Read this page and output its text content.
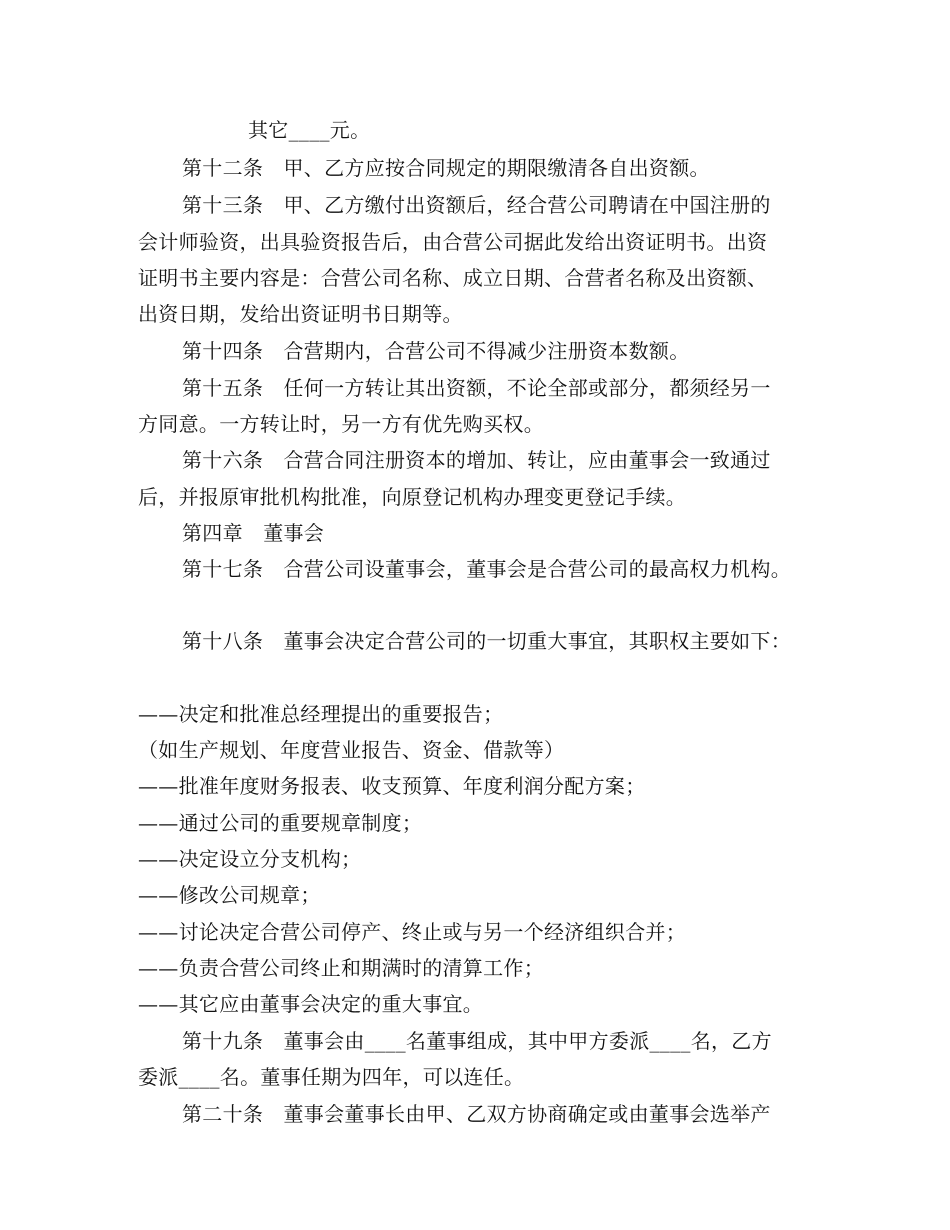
其它____元。
第十二条　甲、乙方应按合同规定的期限缴清各自出资额。
第十三条　甲、乙方缴付出资额后，经合营公司聘请在中国注册的
会计师验资，出具验资报告后，由合营公司据此发给出资证明书。出资
证明书主要内容是：合营公司名称、成立日期、合营者名称及出资额、
出资日期，发给出资证明书日期等。
第十四条　合营期内，合营公司不得减少注册资本数额。
第十五条　任何一方转让其出资额，不论全部或部分，都须经另一
方同意。一方转让时，另一方有优先购买权。
第十六条　合营合同注册资本的增加、转让，应由董事会一致通过
后，并报原审批机构批准，向原登记机构办理变更登记手续。
第四章　董事会
第十七条　合营公司设董事会，董事会是合营公司的最高权力机构。
第十八条　董事会决定合营公司的一切重大事宜，其职权主要如下：
——决定和批准总经理提出的重要报告；
（如生产规划、年度营业报告、资金、借款等）
——批准年度财务报表、收支预算、年度利润分配方案；
——通过公司的重要规章制度；
——决定设立分支机构；
——修改公司规章；
——讨论决定合营公司停产、终止或与另一个经济组织合并；
——负责合营公司终止和期满时的清算工作；
——其它应由董事会决定的重大事宜。
第十九条　董事会由____名董事组成，其中甲方委派____名，乙方
委派____名。董事任期为四年，可以连任。
第二十条　董事会董事长由甲、乙双方协商确定或由董事会选举产
